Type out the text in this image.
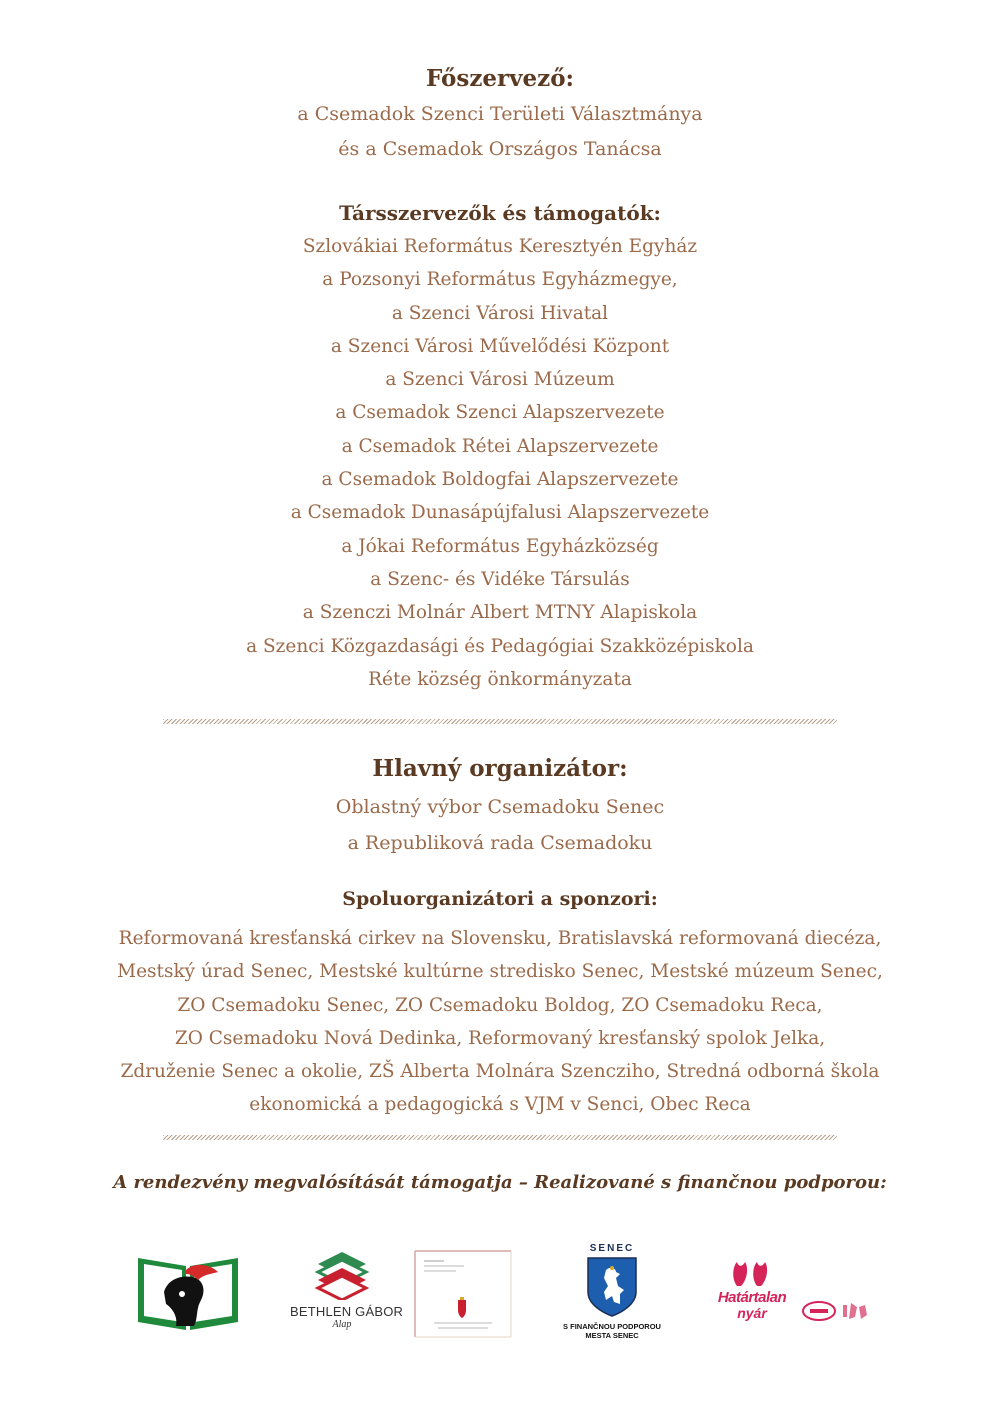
Főszervező:

a Csemadok Szenci Területi Választmánya

és a Csemadok Országos Tanácsa

Társszervezők és támogatók:

Szlovákiai Református Keresztyén Egyház

a Pozsonyi Református Egyházmegye,

a Szenci Városi Hivatal

a Szenci Városi Művelődési Központ

a Szenci Városi Múzeum

a Csemadok Szenci Alapszervezete

a Csemadok Rétei Alapszervezete

a Csemadok Boldogfai Alapszervezete

a Csemadok Dunasápújfalusi Alapszervezete

a Jókai Református Egyházközség

a Szenc- és Vidéke Társulás

a Szenczi Molnár Albert MTNY Alapiskola

a Szenci Közgazdasági és Pedagógiai Szakközépiskola

Réte község önkormányzata

Hlavný organizátor:

Oblastný výbor Csemadoku Senec

a Republiková rada Csemadoku

Spoluorganizátori a sponzori:

Reformovaná kresťanská cirkev na Slovensku, Bratislavská reformovaná diecéza,

Mestský úrad Senec, Mestské kultúrne stredisko Senec, Mestské múzeum Senec,

ZO Csemadoku Senec, ZO Csemadoku Boldog, ZO Csemadoku Reca,

ZO Csemadoku Nová Dedinka, Reformovaný kresťanský spolok Jelka,

Združenie Senec a okolie, ZŠ Alberta Molnára Szencziho, Stredná odborná škola

ekonomická a pedagogická s VJM v Senci, Obec Reca

A rendezvény megvalósítását támogatja – Realizované s finančnou podporou:

BETHLEN GÁBOR
Alap
SENEC
S FINANČNOU PODPOROU
MESTA SENEC
Határtalan
nyár
